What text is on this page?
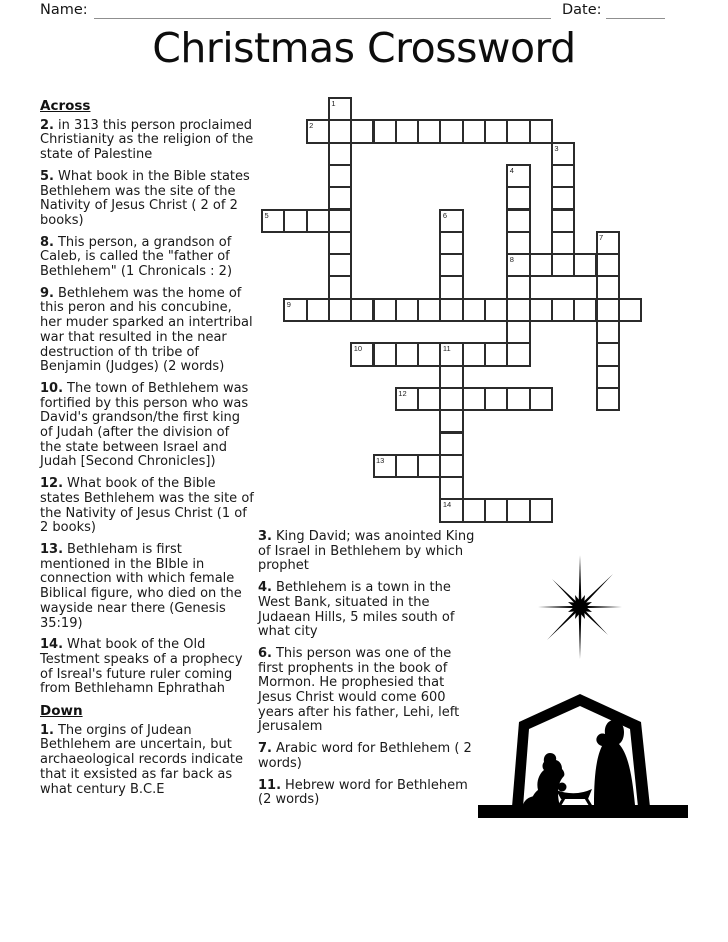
Name:	Date:
Christmas Crossword
1
2
3
4
8
5	6
7
9
10	11
14
12
13
Across

2. in 313 this person proclaimed Christianity as the religion of the state of Palestine

5. What book in the Bible states Bethlehem was the site of the Nativity of Jesus Christ ( 2 of 2 books)

8. This person, a grandson of Caleb, is called the "father of Bethlehem" (1 Chronicals : 2)

9. Bethlehem was the home of this peron and his concubine, her muder sparked an intertribal war that resulted in the near destruction of th tribe of Benjamin (Judges) (2 words)

10. The town of Bethlehem was fortified by this person who was David's grandson/the first king of Judah (after the division of the state between Israel and Judah [Second Chronicles])

12. What book of the Bible states Bethlehem was the site of the Nativity of Jesus Christ (1 of 2 books)

13. Bethleham is first mentioned in the BIble in connection with which female Biblical figure, who died on the wayside near there (Genesis 35:19)

14. What book of the Old Testment speaks of a prophecy of Isreal's future ruler coming from Bethlehamn Ephrathah

Down

1. The orgins of Judean Bethlehem are uncertain, but archaeological records indicate that it exsisted as far back as what century B.C.E

3. King David; was anointed King of Israel in Bethlehem by which prophet

4. Bethlehem is a town in the West Bank, situated in the Judaean Hills, 5 miles south of what city

6. This person was one of the first prophents in the book of Mormon. He prophesied that Jesus Christ would come 600 years after his father, Lehi, left Jerusalem

7. Arabic word for Bethlehem ( 2 words)

11. Hebrew word for Bethlehem (2 words)
